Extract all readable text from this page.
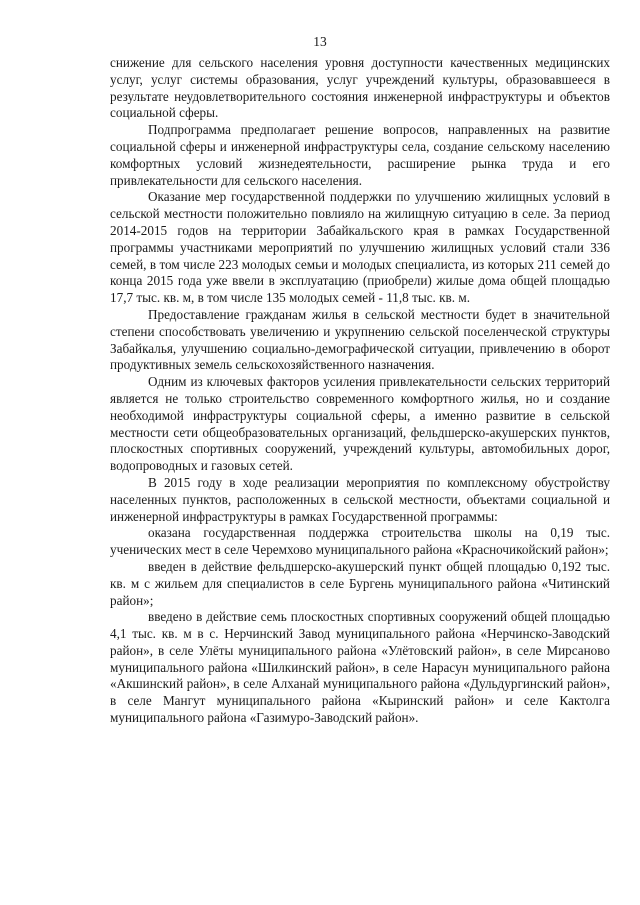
13

снижение для сельского населения уровня доступности качественных медицинских услуг, услуг системы образования, услуг учреждений культуры, образовавшееся в результате неудовлетворительного состояния инженерной инфраструктуры и объектов социальной сферы.

Подпрограмма предполагает решение вопросов, направленных на развитие социальной сферы и инженерной инфраструктуры села, создание сельскому населению комфортных условий жизнедеятельности, расширение рынка труда и его привлекательности для сельского населения.

Оказание мер государственной поддержки по улучшению жилищных условий в сельской местности положительно повлияло на жилищную ситуацию в селе. За период 2014-2015 годов на территории Забайкальского края в рамках Государственной программы участниками мероприятий по улучшению жилищных условий стали 336 семей, в том числе 223 молодых семьи и молодых специалиста, из которых 211 семей до конца 2015 года уже ввели в эксплуатацию (приобрели) жилые дома общей площадью 17,7 тыс. кв. м, в том числе 135 молодых семей - 11,8 тыс. кв. м.

Предоставление гражданам жилья в сельской местности будет в значительной степени способствовать увеличению и укрупнению сельской поселенческой структуры Забайкалья, улучшению социально-демографической ситуации, привлечению в оборот продуктивных земель сельскохозяйственного назначения.

Одним из ключевых факторов усиления привлекательности сельских территорий является не только строительство современного комфортного жилья, но и создание необходимой инфраструктуры социальной сферы, а именно развитие в сельской местности сети общеобразовательных организаций, фельдшерско-акушерских пунктов, плоскостных спортивных сооружений, учреждений культуры, автомобильных дорог, водопроводных и газовых сетей.

В 2015 году в ходе реализации мероприятия по комплексному обустройству населенных пунктов, расположенных в сельской местности, объектами социальной и инженерной инфраструктуры в рамках Государственной программы:

оказана государственная поддержка строительства школы на 0,19 тыс. ученических мест в селе Черемхово муниципального района «Красночикойский район»;

введен в действие фельдшерско-акушерский пункт общей площадью 0,192 тыс. кв. м с жильем для специалистов в селе Бургень муниципального района «Читинский район»;

введено в действие семь плоскостных спортивных сооружений общей площадью 4,1 тыс. кв. м в с. Нерчинский Завод муниципального района «Нерчинско-Заводский район», в селе Улёты муниципального района «Улётовский район», в селе Мирсаново муниципального района «Шилкинский район», в селе Нарасун муниципального района «Акшинский район», в селе Алханай муниципального района «Дульдургинский район», в селе Мангут муниципального района «Кыринский район» и селе Кактолга муниципального района «Газимуро-Заводский район».
